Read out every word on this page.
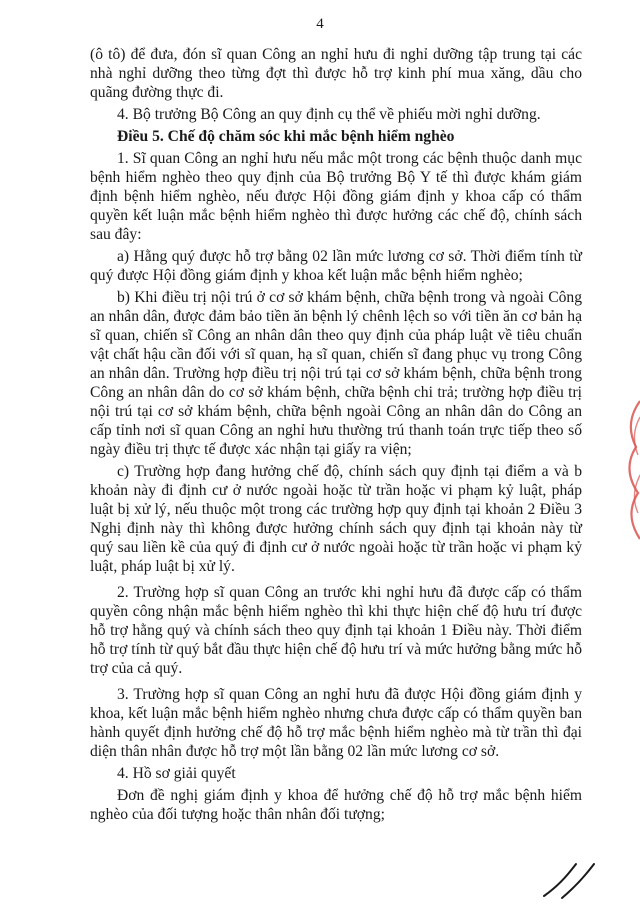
4

(ô tô) để đưa, đón sĩ quan Công an nghỉ hưu đi nghỉ dưỡng tập trung tại các nhà nghỉ dưỡng theo từng đợt thì được hỗ trợ kinh phí mua xăng, dầu cho quãng đường thực đi.

4. Bộ trưởng Bộ Công an quy định cụ thể về phiếu mời nghỉ dưỡng.

Điều 5. Chế độ chăm sóc khi mắc bệnh hiểm nghèo

1. Sĩ quan Công an nghỉ hưu nếu mắc một trong các bệnh thuộc danh mục bệnh hiểm nghèo theo quy định của Bộ trưởng Bộ Y tế thì được khám giám định bệnh hiểm nghèo, nếu được Hội đồng giám định y khoa cấp có thẩm quyền kết luận mắc bệnh hiểm nghèo thì được hưởng các chế độ, chính sách sau đây:

a) Hằng quý được hỗ trợ bằng 02 lần mức lương cơ sở. Thời điểm tính từ quý được Hội đồng giám định y khoa kết luận mắc bệnh hiểm nghèo;

b) Khi điều trị nội trú ở cơ sở khám bệnh, chữa bệnh trong và ngoài Công an nhân dân, được đảm bảo tiền ăn bệnh lý chênh lệch so với tiền ăn cơ bản hạ sĩ quan, chiến sĩ Công an nhân dân theo quy định của pháp luật về tiêu chuẩn vật chất hậu cần đối với sĩ quan, hạ sĩ quan, chiến sĩ đang phục vụ trong Công an nhân dân. Trường hợp điều trị nội trú tại cơ sở khám bệnh, chữa bệnh trong Công an nhân dân do cơ sở khám bệnh, chữa bệnh chi trả; trường hợp điều trị nội trú tại cơ sở khám bệnh, chữa bệnh ngoài Công an nhân dân do Công an cấp tỉnh nơi sĩ quan Công an nghỉ hưu thường trú thanh toán trực tiếp theo số ngày điều trị thực tế được xác nhận tại giấy ra viện;

c) Trường hợp đang hưởng chế độ, chính sách quy định tại điểm a và b khoản này đi định cư ở nước ngoài hoặc từ trần hoặc vi phạm kỷ luật, pháp luật bị xử lý, nếu thuộc một trong các trường hợp quy định tại khoản 2 Điều 3 Nghị định này thì không được hưởng chính sách quy định tại khoản này từ quý sau liền kề của quý đi định cư ở nước ngoài hoặc từ trần hoặc vi phạm kỷ luật, pháp luật bị xử lý.

2. Trường hợp sĩ quan Công an trước khi nghỉ hưu đã được cấp có thẩm quyền công nhận mắc bệnh hiểm nghèo thì khi thực hiện chế độ hưu trí được hỗ trợ hằng quý và chính sách theo quy định tại khoản 1 Điều này. Thời điểm hỗ trợ tính từ quý bắt đầu thực hiện chế độ hưu trí và mức hưởng bằng mức hỗ trợ của cả quý.

3. Trường hợp sĩ quan Công an nghỉ hưu đã được Hội đồng giám định y khoa, kết luận mắc bệnh hiểm nghèo nhưng chưa được cấp có thẩm quyền ban hành quyết định hưởng chế độ hỗ trợ mắc bệnh hiểm nghèo mà từ trần thì đại diện thân nhân được hỗ trợ một lần bằng 02 lần mức lương cơ sở.

4. Hồ sơ giải quyết

Đơn đề nghị giám định y khoa để hưởng chế độ hỗ trợ mắc bệnh hiểm nghèo của đối tượng hoặc thân nhân đối tượng;
